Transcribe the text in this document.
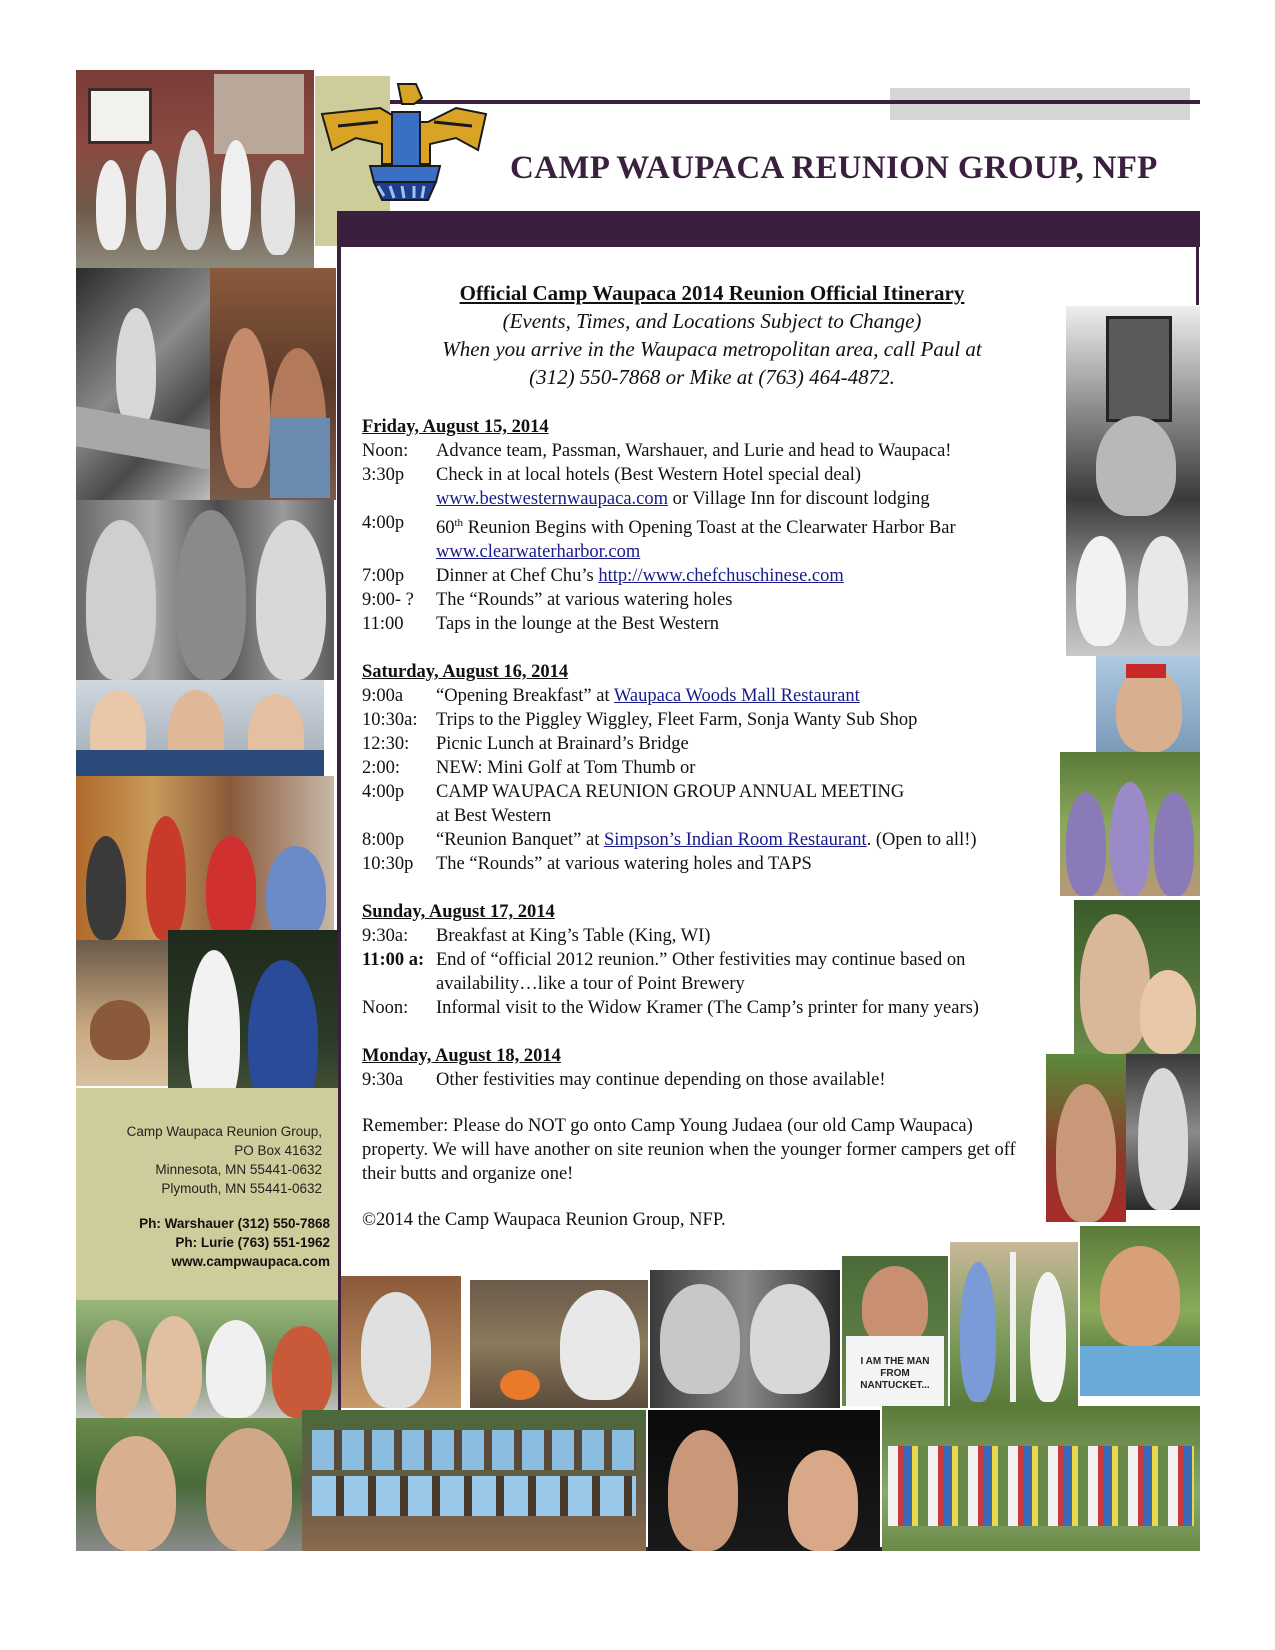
CAMP WAUPACA REUNION GROUP, NFP
Camp Waupaca Reunion Group,
PO Box 41632
Minnesota, MN 55441-0632
Plymouth, MN 55441-0632
Ph: Warshauer (312) 550-7868
Ph: Lurie (763) 551-1962
www.campwaupaca.com
I AM THE MAN FROM NANTUCKET...
Official Camp Waupaca 2014 Reunion Official Itinerary
(Events, Times, and Locations Subject to Change)
When you arrive in the Waupaca metropolitan area, call Paul at
(312) 550-7868 or Mike at (763) 464-4872.
Friday, August 15, 2014
Noon:	Advance team, Passman, Warshauer, and Lurie and head to Waupaca!
3:30p	Check in at local hotels (Best Western Hotel special deal)
www.bestwesternwaupaca.com or Village Inn for discount lodging
4:00p	60th Reunion Begins with Opening Toast at the Clearwater Harbor Bar
www.clearwaterharbor.com
7:00p	Dinner at Chef Chu’s http://www.chefchuschinese.com
9:00- ?	The “Rounds” at various watering holes
11:00	Taps in the lounge at the Best Western
Saturday, August 16, 2014
9:00a	“Opening Breakfast” at Waupaca Woods Mall Restaurant
10:30a:	Trips to the Piggley Wiggley, Fleet Farm, Sonja Wanty Sub Shop
12:30:	Picnic Lunch at Brainard’s Bridge
2:00:	NEW: Mini Golf at Tom Thumb or
4:00p	CAMP WAUPACA REUNION GROUP ANNUAL MEETING
at Best Western
8:00p	“Reunion Banquet” at Simpson’s Indian Room Restaurant. (Open to all!)
10:30p	The “Rounds” at various watering holes and TAPS
Sunday, August 17, 2014
9:30a:	Breakfast at King’s Table (King, WI)
11:00 a: End of “official 2012 reunion.” Other festivities may continue based on availability…like a tour of Point Brewery
Noon:	Informal visit to the Widow Kramer (The Camp’s printer for many years)
Monday, August 18, 2014
9:30a	Other festivities may continue depending on those available!
Remember: Please do NOT go onto Camp Young Judaea (our old Camp Waupaca) property. We will have another on site reunion when the younger former campers get off their butts and organize one!
©2014 the Camp Waupaca Reunion Group, NFP.
